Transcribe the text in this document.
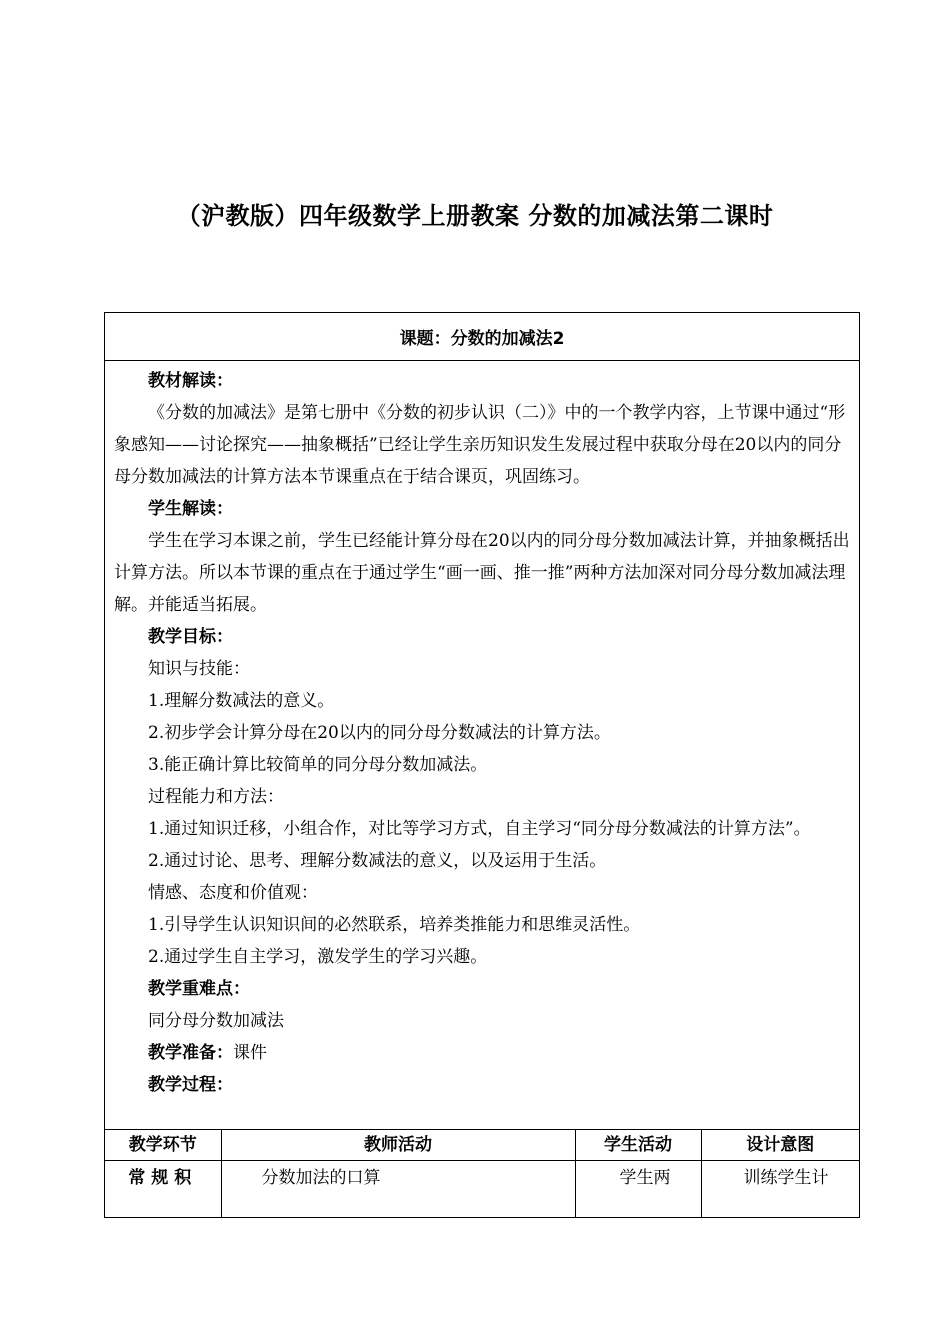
（沪教版）四年级数学上册教案 分数的加减法第二课时
课题：分数的加减法2

教材解读：

《分数的加减法》是第七册中《分数的初步认识（二）》中的一个教学内容，上节课中通过“形象感知——讨论探究——抽象概括”已经让学生亲历知识发生发展过程中获取分母在20以内的同分母分数加减法的计算方法本节课重点在于结合课页，巩固练习。

学生解读：

学生在学习本课之前，学生已经能计算分母在20以内的同分母分数加减法计算，并抽象概括出计算方法。所以本节课的重点在于通过学生“画一画、推一推”两种方法加深对同分母分数加减法理解。并能适当拓展。

教学目标：

知识与技能：

1.理解分数减法的意义。

2.初步学会计算分母在20以内的同分母分数减法的计算方法。

3.能正确计算比较简单的同分母分数加减法。

过程能力和方法：

1.通过知识迁移，小组合作，对比等学习方式，自主学习“同分母分数减法的计算方法”。

2.通过讨论、思考、理解分数减法的意义，以及运用于生活。

情感、态度和价值观：

1.引导学生认识知识间的必然联系，培养类推能力和思维灵活性。

2.通过学生自主学习，激发学生的学习兴趣。

教学重难点：

同分母分数加减法

教学准备：课件

教学过程：

教学环节	教师活动	学生活动	设计意图
常规积	分数加法的口算	学生两	训练学生计
